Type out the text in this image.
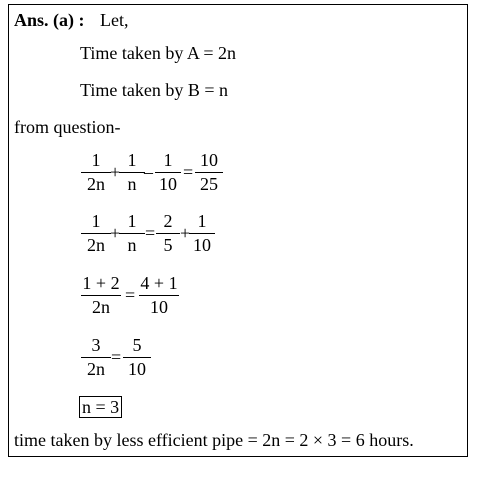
Ans. (a) : Let,
Time taken by A = 2n
Time taken by B = n
from question-
1
2n
+
1
n
–
1
10
=
10
25
1
2n
+
1
n
=
2
5
+
1
10
1 + 2
2n
=
4 + 1
10
3
2n
=
5
10
n = 3
time taken by less efficient pipe = 2n = 2 × 3 = 6 hours.
